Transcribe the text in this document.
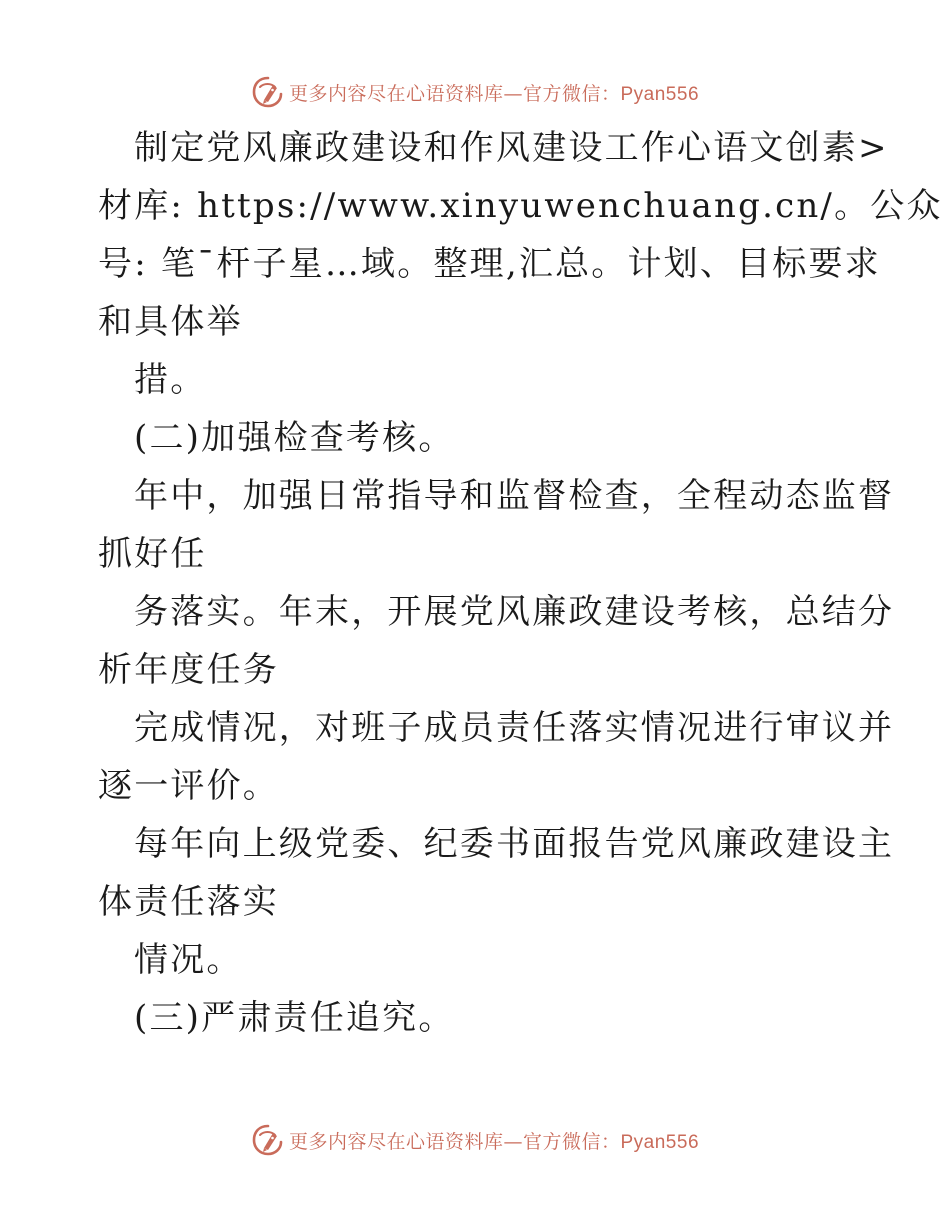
更多内容尽在心语资料库—官方微信：Pyan556
制定党风廉政建设和作风建设工作心语文创素>
材库: https://www.xinyuwenchuang.cn/。公众
号: 笔¯杆子星…域。整理,汇总。计划、目标要求
和具体举
措。
(二)加强检查考核。
年中，加强日常指导和监督检查，全程动态监督
抓好任
务落实。年末，开展党风廉政建设考核，总结分
析年度任务
完成情况，对班子成员责任落实情况进行审议并
逐一评价。
每年向上级党委、纪委书面报告党风廉政建设主
体责任落实
情况。
(三)严肃责任追究。
更多内容尽在心语资料库—官方微信：Pyan556
